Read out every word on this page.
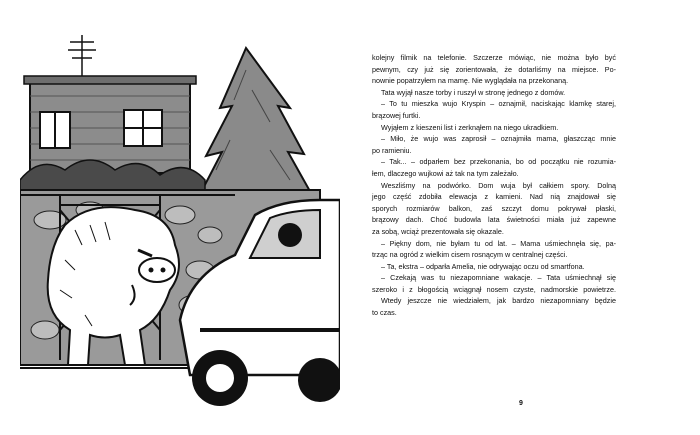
kolejny filmik na telefonie. Szczerze mówiąc, nie można było być
pewnym, czy już się zorientowała, że dotarliśmy na miejsce. Po-
nownie popatrzyłem na mamę. Nie wyglądała na przekonaną.
Tata wyjął nasze torby i ruszył w stronę jednego z domów.
– To tu mieszka wujo Kryspin – oznajmił, naciskając klamkę starej,
brązowej furtki.
Wyjąłem z kieszeni list i zerknąłem na niego ukradkiem.
– Miło, że wujo was zaprosił – oznajmiła mama, głaszcząc mnie
po ramieniu.
– Tak... – odparłem bez przekonania, bo od początku nie rozumia-
łem, dlaczego wujkowi aż tak na tym zależało.
Weszliśmy na podwórko. Dom wuja był całkiem spory. Dolną
jego część zdobiła elewacja z kamieni. Nad nią znajdował się
sporych rozmiarów balkon, zaś szczyt domu pokrywał płaski,
brązowy dach. Choć budowla lata świetności miała już zapewne
za sobą, wciąż prezentowała się okazale.
– Piękny dom, nie byłam tu od lat. – Mama uśmiechnęła się, pa-
trząc na ogród z wielkim cisem rosnącym w centralnej części.
– Ta, ekstra – odparła Amelia, nie odrywając oczu od smartfona.
– Czekają was tu niezapomniane wakacje. – Tata uśmiechnął się
szeroko i z błogością wciągnął nosem czyste, nadmorskie powietrze.
Wtedy jeszcze nie wiedziałem, jak bardzo niezapomniany będzie
to czas.
9
